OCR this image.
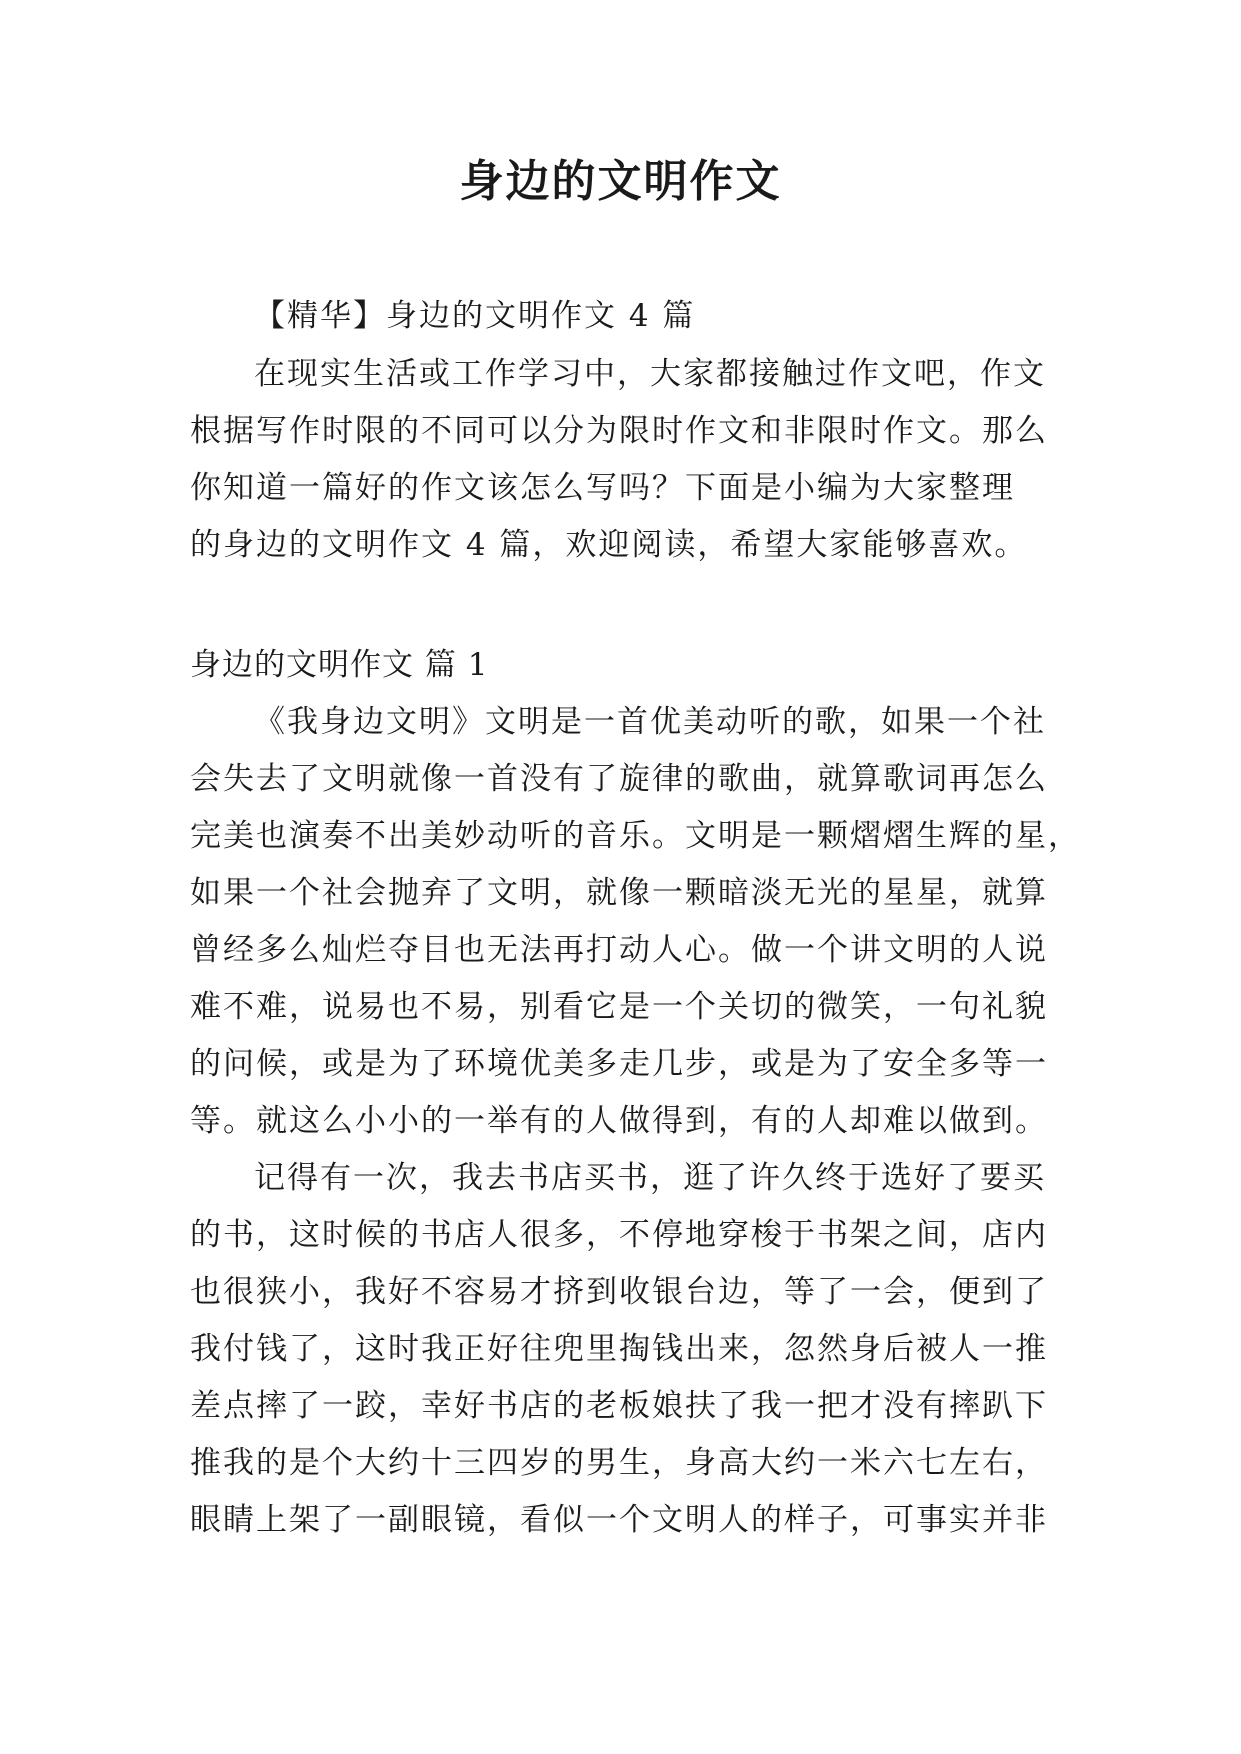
身边的文明作文

【精华】身边的文明作文 4 篇

在现实生活或工作学习中，大家都接触过作文吧，作文
根据写作时限的不同可以分为限时作文和非限时作文。那么
你知道一篇好的作文该怎么写吗？下面是小编为大家整理
的身边的文明作文 4 篇，欢迎阅读，希望大家能够喜欢。

身边的文明作文 篇 1

《我身边文明》文明是一首优美动听的歌，如果一个社
会失去了文明就像一首没有了旋律的歌曲，就算歌词再怎么
完美也演奏不出美妙动听的音乐。文明是一颗熠熠生辉的星，
如果一个社会抛弃了文明，就像一颗暗淡无光的星星，就算
曾经多么灿烂夺目也无法再打动人心。做一个讲文明的人说
难不难，说易也不易，别看它是一个关切的微笑，一句礼貌
的问候，或是为了环境优美多走几步，或是为了安全多等一
等。就这么小小的一举有的人做得到，有的人却难以做到。
记得有一次，我去书店买书，逛了许久终于选好了要买
的书，这时候的书店人很多，不停地穿梭于书架之间，店内
也很狭小，我好不容易才挤到收银台边，等了一会，便到了
我付钱了，这时我正好往兜里掏钱出来，忽然身后被人一推
差点摔了一跤，幸好书店的老板娘扶了我一把才没有摔趴下
推我的是个大约十三四岁的男生，身高大约一米六七左右，
眼睛上架了一副眼镜，看似一个文明人的样子，可事实并非
